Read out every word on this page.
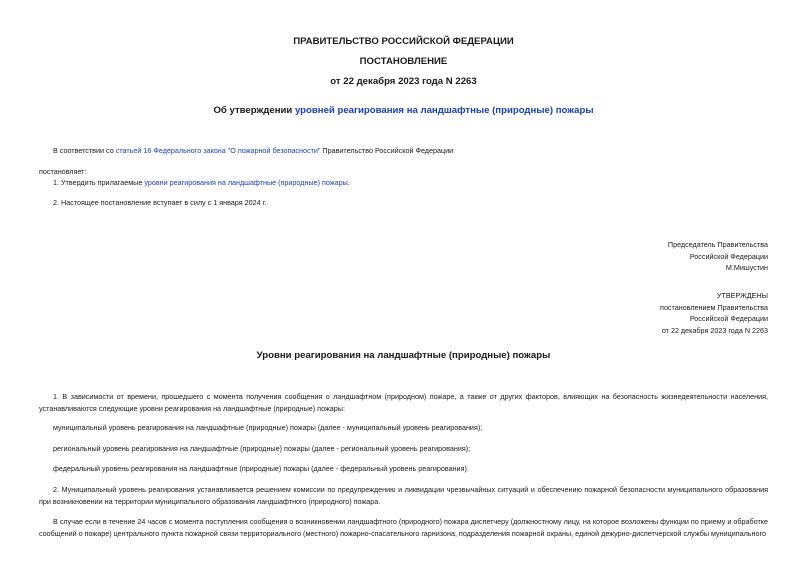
ПРАВИТЕЛЬСТВО РОССИЙСКОЙ ФЕДЕРАЦИИ
ПОСТАНОВЛЕНИЕ
от 22 декабря 2023 года N 2263
Об утверждении уровней реагирования на ландшафтные (природные) пожары
В соответствии со статьей 16 Федерального закона "О пожарной безопасности" Правительство Российской Федерации
постановляет:
1. Утвердить прилагаемые уровни реагирования на ландшафтные (природные) пожары.
2. Настоящее постановление вступает в силу с 1 января 2024 г.
Председатель Правительства
Российской Федерации
М.Мишустин
УТВЕРЖДЕНЫ
постановлением Правительства
Российской Федерации
от 22 декабря 2023 года N 2263
Уровни реагирования на ландшафтные (природные) пожары
1. В зависимости от времени, прошедшего с момента получения сообщения о ландшафтном (природном) пожаре, а также от других факторов, влияющих на безопасность жизнедеятельности населения, устанавливаются следующие уровни реагирования на ландшафтные (природные) пожары:
муниципальный уровень реагирования на ландшафтные (природные) пожары (далее - муниципальный уровень реагирования);
региональный уровень реагирования на ландшафтные (природные) пожары (далее - региональный уровень реагирования);
федеральный уровень реагирования на ландшафтные (природные) пожары (далее - федеральный уровень реагирования).
2. Муниципальный уровень реагирования устанавливается решением комиссии по предупреждению и ликвидации чрезвычайных ситуаций и обеспечению пожарной безопасности муниципального образования при возникновении на территории муниципального образования ландшафтного (природного) пожара.
В случае если в течение 24 часов с момента поступления сообщения о возникновении ландшафтного (природного) пожара диспетчеру (должностному лицу, на которое возложены функции по приему и обработке сообщений о пожаре) центрального пункта пожарной связи территориального (местного) пожарно-спасательного гарнизона, подразделения пожарной охраны, единой дежурно-диспетчерской службы муниципального
